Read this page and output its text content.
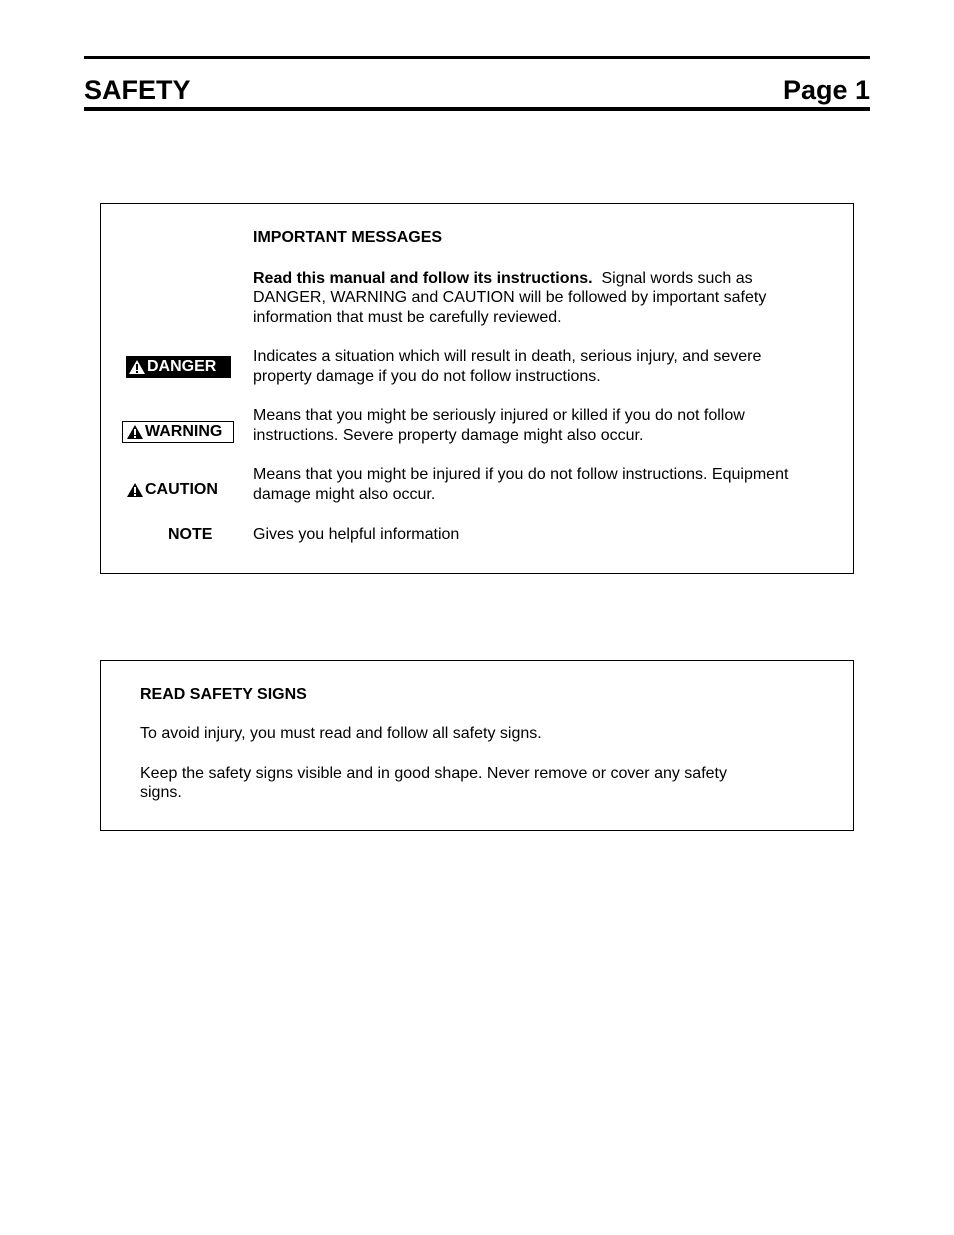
SAFETY	Page 1
IMPORTANT MESSAGES
Read this manual and follow its instructions. Signal words such as
DANGER, WARNING and CAUTION will be followed by important safety
information that must be carefully reviewed.
DANGER
Indicates a situation which will result in death, serious injury, and severe
property damage if you do not follow instructions.
WARNING
Means that you might be seriously injured or killed if you do not follow
instructions. Severe property damage might also occur.
CAUTION
Means that you might be injured if you do not follow instructions. Equipment
damage might also occur.
NOTE	Gives you helpful information
READ SAFETY SIGNS
To avoid injury, you must read and follow all safety signs.
Keep the safety signs visible and in good shape. Never remove or cover any safety
signs.
